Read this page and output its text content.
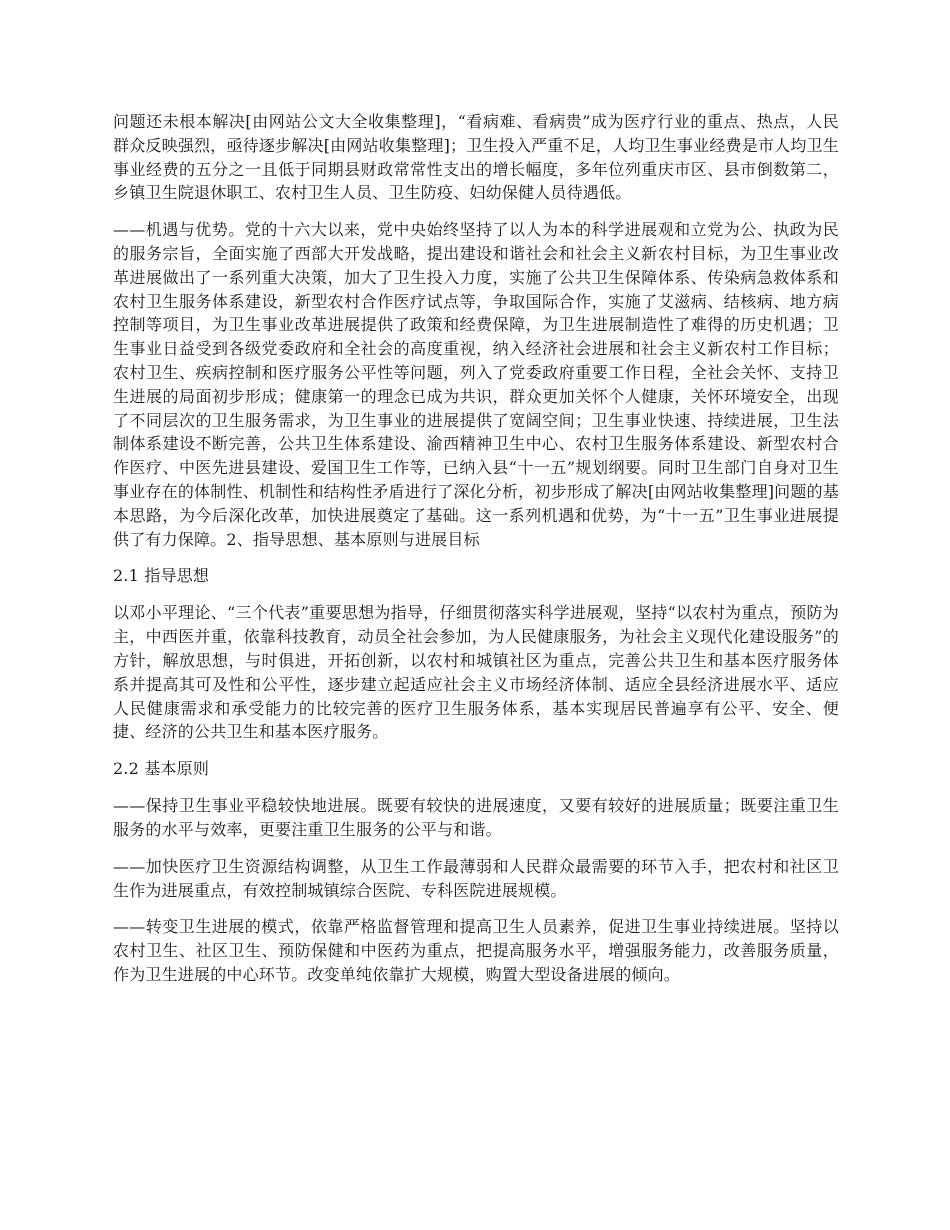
问题还未根本解决[由网站公文大全收集整理]，“看病难、看病贵”成为医疗行业的重点、热点，人民群众反映强烈，亟待逐步解决[由网站收集整理]；卫生投入严重不足，人均卫生事业经费是市人均卫生事业经费的五分之一且低于同期县财政常常性支出的增长幅度，多年位列重庆市区、县市倒数第二，乡镇卫生院退休职工、农村卫生人员、卫生防疫、妇幼保健人员待遇低。

——机遇与优势。党的十六大以来，党中央始终坚持了以人为本的科学进展观和立党为公、执政为民的服务宗旨，全面实施了西部大开发战略，提出建设和谐社会和社会主义新农村目标，为卫生事业改革进展做出了一系列重大决策，加大了卫生投入力度，实施了公共卫生保障体系、传染病急救体系和农村卫生服务体系建设，新型农村合作医疗试点等，争取国际合作，实施了艾滋病、结核病、地方病控制等项目，为卫生事业改革进展提供了政策和经费保障，为卫生进展制造性了难得的历史机遇；卫生事业日益受到各级党委政府和全社会的高度重视，纳入经济社会进展和社会主义新农村工作目标；农村卫生、疾病控制和医疗服务公平性等问题，列入了党委政府重要工作日程，全社会关怀、支持卫生进展的局面初步形成；健康第一的理念已成为共识，群众更加关怀个人健康，关怀环境安全，出现了不同层次的卫生服务需求，为卫生事业的进展提供了宽阔空间；卫生事业快速、持续进展，卫生法制体系建设不断完善，公共卫生体系建设、渝西精神卫生中心、农村卫生服务体系建设、新型农村合作医疗、中医先进县建设、爱国卫生工作等，已纳入县“十一五”规划纲要。同时卫生部门自身对卫生事业存在的体制性、机制性和结构性矛盾进行了深化分析，初步形成了解决[由网站收集整理]问题的基本思路，为今后深化改革，加快进展奠定了基础。这一系列机遇和优势，为“十一五”卫生事业进展提供了有力保障。2、指导思想、基本原则与进展目标

2.1 指导思想

以邓小平理论、“三个代表”重要思想为指导，仔细贯彻落实科学进展观，坚持“以农村为重点，预防为主，中西医并重，依靠科技教育，动员全社会参加，为人民健康服务，为社会主义现代化建设服务”的方针，解放思想，与时俱进，开拓创新，以农村和城镇社区为重点，完善公共卫生和基本医疗服务体系并提高其可及性和公平性，逐步建立起适应社会主义市场经济体制、适应全县经济进展水平、适应人民健康需求和承受能力的比较完善的医疗卫生服务体系，基本实现居民普遍享有公平、安全、便捷、经济的公共卫生和基本医疗服务。

2.2 基本原则

——保持卫生事业平稳较快地进展。既要有较快的进展速度，又要有较好的进展质量；既要注重卫生服务的水平与效率，更要注重卫生服务的公平与和谐。

——加快医疗卫生资源结构调整，从卫生工作最薄弱和人民群众最需要的环节入手，把农村和社区卫生作为进展重点，有效控制城镇综合医院、专科医院进展规模。

——转变卫生进展的模式，依靠严格监督管理和提高卫生人员素养，促进卫生事业持续进展。坚持以农村卫生、社区卫生、预防保健和中医药为重点，把提高服务水平，增强服务能力，改善服务质量，作为卫生进展的中心环节。改变单纯依靠扩大规模，购置大型设备进展的倾向。
